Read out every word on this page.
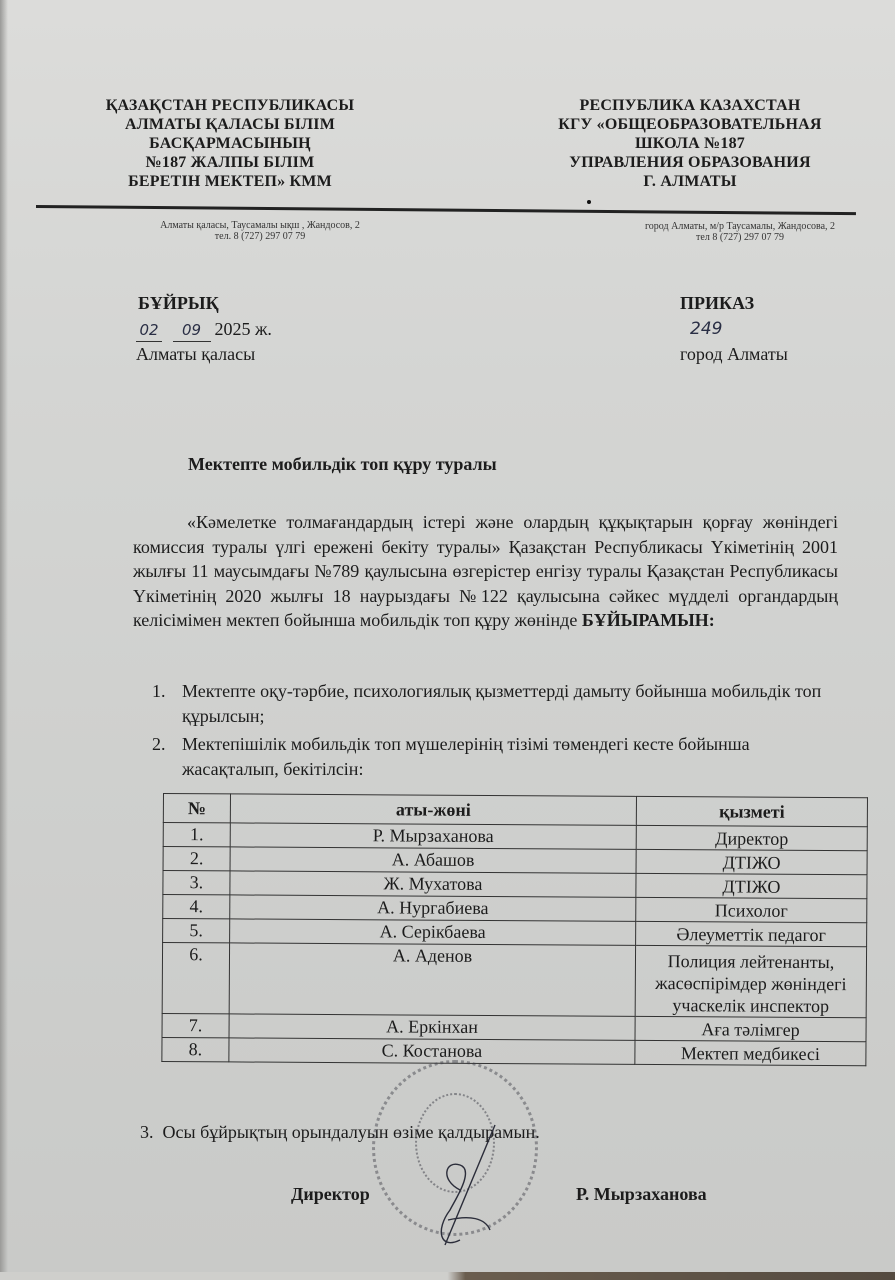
ҚАЗАҚСТАН РЕСПУБЛИКАСЫ
АЛМАТЫ ҚАЛАСЫ БІЛІМ
БАСҚАРМАСЫНЫҢ
№187 ЖАЛПЫ БІЛІМ
БЕРЕТІН МЕКТЕП» КММ
РЕСПУБЛИКА КАЗАХСТАН
КГУ «ОБЩЕОБРАЗОВАТЕЛЬНАЯ
ШКОЛА №187
УПРАВЛЕНИЯ ОБРАЗОВАНИЯ
Г. АЛМАТЫ
Алматы қаласы, Таусамалы ықш , Жандосов, 2
тел. 8 (727) 297 07 79
город Алматы, м/р Таусамалы, Жандосова, 2
тел 8 (727) 297 07 79
БҰЙРЫҚ
02 09 2025 ж.
Алматы қаласы
ПРИКАЗ
249
город Алматы
Мектепте мобильдік топ құру туралы
«Кәмелетке толмағандардың істері және олардың құқықтарын қорғау жөніндегі комиссия туралы үлгі ережені бекіту туралы» Қазақстан Республикасы Үкіметінің 2001 жылғы 11 маусымдағы №789 қаулысына өзгерістер енгізу туралы Қазақстан Республикасы Үкіметінің 2020 жылғы 18 наурыздағы №122 қаулысына сәйкес мүдделі органдардың келісімімен мектеп бойынша мобильдік топ құру жөнінде БҰЙЫРАМЫН:
1. Мектепте оқу-тәрбие, психологиялық қызметтерді дамыту бойынша мобильдік топ құрылсын;
2. Мектепішілік мобильдік топ мүшелерінің тізімі төмендегі кесте бойынша жасақталып, бекітілсін:
№	аты-жөні	қызметі
1.	Р. Мырзаханова	Директор
2.	А. Абашов	ДТІЖО
3.	Ж. Мухатова	ДТІЖО
4.	А. Нургабиева	Психолог
5.	А. Серікбаева	Әлеуметтік педагог
6.	А. Аденов	Полиция лейтенанты, жасөспірімдер жөніндегі учаскелік инспектор
7.	А. Еркінхан	Аға тәлімгер
8.	С. Костанова	Мектеп медбикесі
3. Осы бұйрықтың орындалуын өзіме қалдырамын.
Директор	Р. Мырзаханова
